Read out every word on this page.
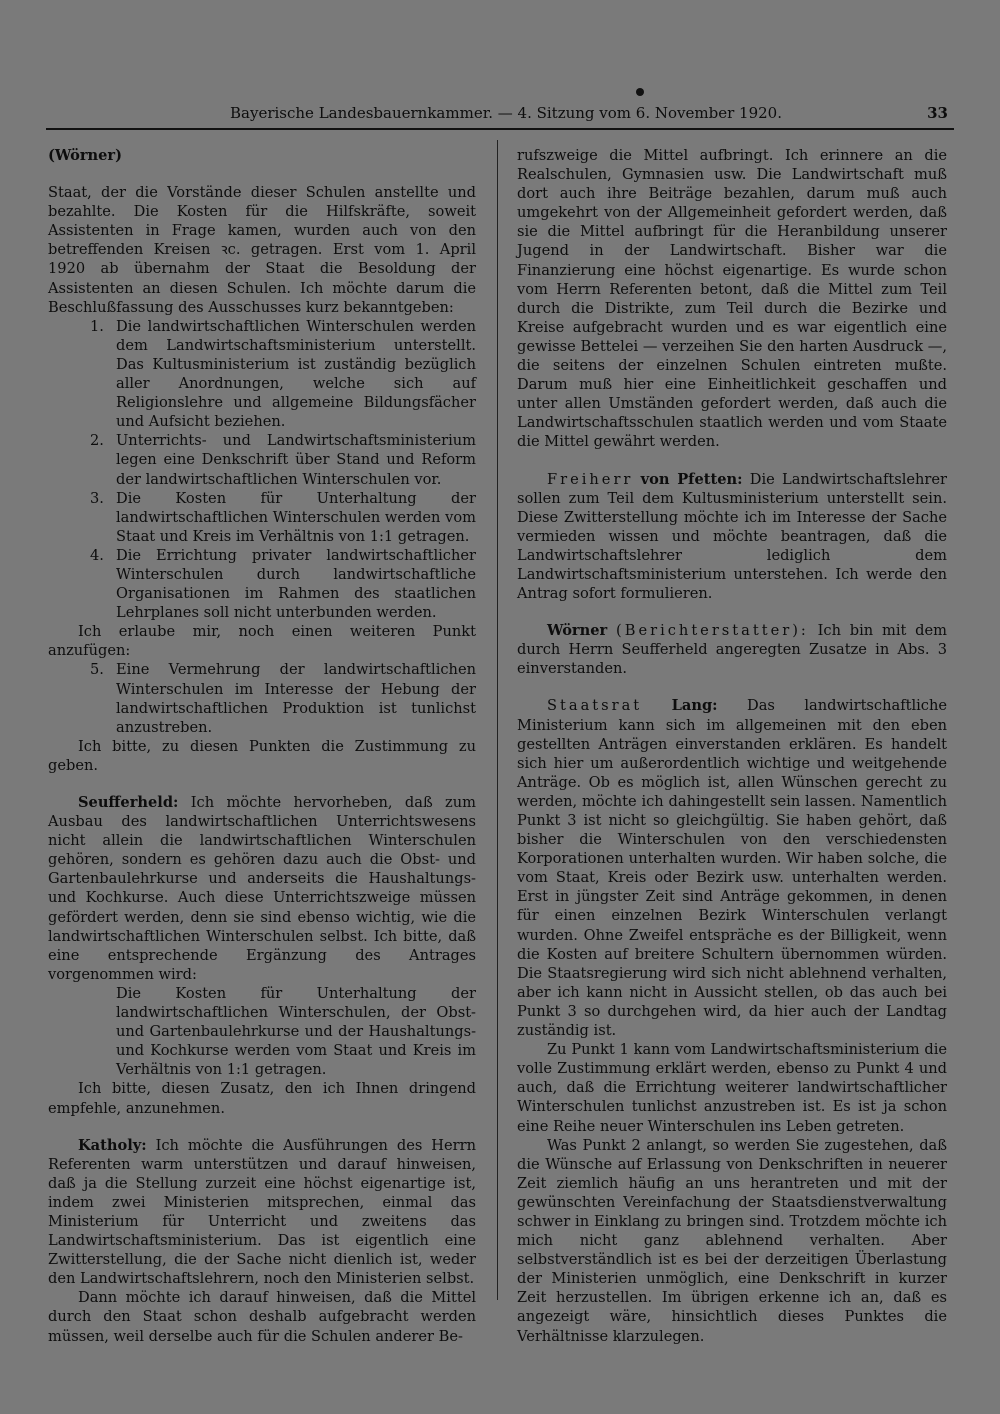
Bayerische Landesbauernkammer. — 4. Sitzung vom 6. November 1920.	33

(Wörner)

Staat, der die Vorstände dieser Schulen anstellte und bezahlte. Die Kosten für die Hilfskräfte, soweit Assistenten in Frage kamen, wurden auch von den betreffenden Kreisen ꝛc. getragen. Erst vom 1. April 1920 ab übernahm der Staat die Besoldung der Assistenten an diesen Schulen. Ich möchte darum die Beschlußfassung des Ausschusses kurz bekanntgeben:

1. Die landwirtschaftlichen Winterschulen werden dem Landwirtschaftsministerium unterstellt. Das Kultusministerium ist zuständig bezüglich aller Anordnungen, welche sich auf Religionslehre und allgemeine Bildungsfächer und Aufsicht beziehen.
2. Unterrichts- und Landwirtschaftsministerium legen eine Denkschrift über Stand und Reform der landwirtschaftlichen Winterschulen vor.
3. Die Kosten für Unterhaltung der landwirtschaftlichen Winterschulen werden vom Staat und Kreis im Verhältnis von 1:1 getragen.
4. Die Errichtung privater landwirtschaftlicher Winterschulen durch landwirtschaftliche Organisationen im Rahmen des staatlichen Lehrplanes soll nicht unterbunden werden.

Ich erlaube mir, noch einen weiteren Punkt anzufügen:

5. Eine Vermehrung der landwirtschaftlichen Winterschulen im Interesse der Hebung der landwirtschaftlichen Produktion ist tunlichst anzustreben.

Ich bitte, zu diesen Punkten die Zustimmung zu geben.

Seufferheld: Ich möchte hervorheben, daß zum Ausbau des landwirtschaftlichen Unterrichtswesens nicht allein die landwirtschaftlichen Winterschulen gehören, sondern es gehören dazu auch die Obst- und Gartenbaulehrkurse und anderseits die Haushaltungs- und Kochkurse. Auch diese Unterrichtszweige müssen gefördert werden, denn sie sind ebenso wichtig, wie die landwirtschaftlichen Winterschulen selbst. Ich bitte, daß eine entsprechende Ergänzung des Antrages vorgenommen wird:

Die Kosten für Unterhaltung der landwirtschaftlichen Winterschulen, der Obst- und Gartenbaulehrkurse und der Haushaltungs- und Kochkurse werden vom Staat und Kreis im Verhältnis von 1:1 getragen.

Ich bitte, diesen Zusatz, den ich Ihnen dringend empfehle, anzunehmen.

Katholy: Ich möchte die Ausführungen des Herrn Referenten warm unterstützen und darauf hinweisen, daß ja die Stellung zurzeit eine höchst eigenartige ist, indem zwei Ministerien mitsprechen, einmal das Ministerium für Unterricht und zweitens das Landwirtschaftsministerium. Das ist eigentlich eine Zwitterstellung, die der Sache nicht dienlich ist, weder den Landwirtschaftslehrern, noch den Ministerien selbst.

Dann möchte ich darauf hinweisen, daß die Mittel durch den Staat schon deshalb aufgebracht werden müssen, weil derselbe auch für die Schulen anderer Be-

rufszweige die Mittel aufbringt. Ich erinnere an die Realschulen, Gymnasien usw. Die Landwirtschaft muß dort auch ihre Beiträge bezahlen, darum muß auch umgekehrt von der Allgemeinheit gefordert werden, daß sie die Mittel aufbringt für die Heranbildung unserer Jugend in der Landwirtschaft. Bisher war die Finanzierung eine höchst eigenartige. Es wurde schon vom Herrn Referenten betont, daß die Mittel zum Teil durch die Distrikte, zum Teil durch die Bezirke und Kreise aufgebracht wurden und es war eigentlich eine gewisse Bettelei — verzeihen Sie den harten Ausdruck —, die seitens der einzelnen Schulen eintreten mußte. Darum muß hier eine Einheitlichkeit geschaffen und unter allen Umständen gefordert werden, daß auch die Landwirtschaftsschulen staatlich werden und vom Staate die Mittel gewährt werden.

Freiherr von Pfetten: Die Landwirtschaftslehrer sollen zum Teil dem Kultusministerium unterstellt sein. Diese Zwitterstellung möchte ich im Interesse der Sache vermieden wissen und möchte beantragen, daß die Landwirtschaftslehrer lediglich dem Landwirtschaftsministerium unterstehen. Ich werde den Antrag sofort formulieren.

Wörner (Berichterstatter): Ich bin mit dem durch Herrn Seufferheld angeregten Zusatze in Abs. 3 einverstanden.

Staatsrat Lang: Das landwirtschaftliche Ministerium kann sich im allgemeinen mit den eben gestellten Anträgen einverstanden erklären. Es handelt sich hier um außerordentlich wichtige und weitgehende Anträge. Ob es möglich ist, allen Wünschen gerecht zu werden, möchte ich dahingestellt sein lassen. Namentlich Punkt 3 ist nicht so gleichgültig. Sie haben gehört, daß bisher die Winterschulen von den verschiedensten Korporationen unterhalten wurden. Wir haben solche, die vom Staat, Kreis oder Bezirk usw. unterhalten werden. Erst in jüngster Zeit sind Anträge gekommen, in denen für einen einzelnen Bezirk Winterschulen verlangt wurden. Ohne Zweifel entspräche es der Billigkeit, wenn die Kosten auf breitere Schultern übernommen würden. Die Staatsregierung wird sich nicht ablehnend verhalten, aber ich kann nicht in Aussicht stellen, ob das auch bei Punkt 3 so durchgehen wird, da hier auch der Landtag zuständig ist.

Zu Punkt 1 kann vom Landwirtschaftsministerium die volle Zustimmung erklärt werden, ebenso zu Punkt 4 und auch, daß die Errichtung weiterer landwirtschaftlicher Winterschulen tunlichst anzustreben ist. Es ist ja schon eine Reihe neuer Winterschulen ins Leben getreten.

Was Punkt 2 anlangt, so werden Sie zugestehen, daß die Wünsche auf Erlassung von Denkschriften in neuerer Zeit ziemlich häufig an uns herantreten und mit der gewünschten Vereinfachung der Staatsdienstverwaltung schwer in Einklang zu bringen sind. Trotzdem möchte ich mich nicht ganz ablehnend verhalten. Aber selbstverständlich ist es bei der derzeitigen Überlastung der Ministerien unmöglich, eine Denkschrift in kurzer Zeit herzustellen. Im übrigen erkenne ich an, daß es angezeigt wäre, hinsichtlich dieses Punktes die Verhältnisse klarzulegen.
